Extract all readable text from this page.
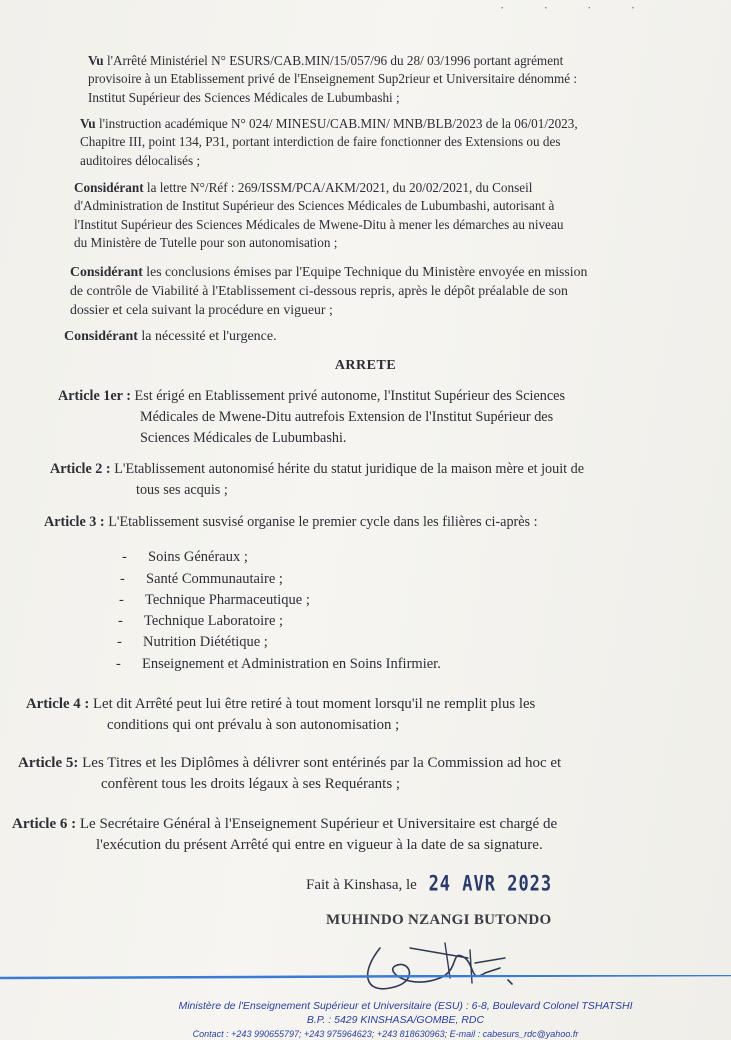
· · · ·
Vu l'Arrêté Ministériel N° ESURS/CAB.MIN/15/057/96 du 28/ 03/1996 portant agrément
provisoire à un Etablissement privé de l'Enseignement Sup2rieur et Universitaire dénommé :
Institut Supérieur des Sciences Médicales de Lubumbashi ;
Vu l'instruction académique N° 024/ MINESU/CAB.MIN/ MNB/BLB/2023 de la 06/01/2023,
Chapitre III, point 134, P31, portant interdiction de faire fonctionner des Extensions ou des
auditoires délocalisés ;
Considérant la lettre N°/Réf : 269/ISSM/PCA/AKM/2021, du 20/02/2021, du Conseil
d'Administration de Institut Supérieur des Sciences Médicales de Lubumbashi, autorisant à
l'Institut Supérieur des Sciences Médicales de Mwene-Ditu à mener les démarches au niveau
du Ministère de Tutelle pour son autonomisation ;
Considérant les conclusions émises par l'Equipe Technique du Ministère envoyée en mission
de contrôle de Viabilité à l'Etablissement ci-dessous repris, après le dépôt préalable de son
dossier et cela suivant la procédure en vigueur ;
Considérant la nécessité et l'urgence.
ARRETE
Article 1er : Est érigé en Etablissement privé autonome, l'Institut Supérieur des Sciences
Médicales de Mwene-Ditu autrefois Extension de l'Institut Supérieur des
Sciences Médicales de Lubumbashi.
Article 2 : L'Etablissement autonomisé hérite du statut juridique de la maison mère et jouit de
tous ses acquis ;
Article 3 : L'Etablissement susvisé organise le premier cycle dans les filières ci-après :
- Soins Généraux ;
- Santé Communautaire ;
- Technique Pharmaceutique ;
- Technique Laboratoire ;
- Nutrition Diététique ;
- Enseignement et Administration en Soins Infirmier.
Article 4 : Let dit Arrêté peut lui être retiré à tout moment lorsqu'il ne remplit plus les
conditions qui ont prévalu à son autonomisation ;
Article 5: Les Titres et les Diplômes à délivrer sont entérinés par la Commission ad hoc et
confèrent tous les droits légaux à ses Requérants ;
Article 6 : Le Secrétaire Général à l'Enseignement Supérieur et Universitaire est chargé de
l'exécution du présent Arrêté qui entre en vigueur à la date de sa signature.
Fait à Kinshasa, le 24 AVR 2023
MUHINDO NZANGI BUTONDO
Ministère de l'Enseignement Supérieur et Universitaire (ESU) : 6-8, Boulevard Colonel TSHATSHI
B.P. : 5429 KINSHASA/GOMBE, RDC
Contact : +243 990655797; +243 975964623; +243 818630963; E-mail : cabesurs_rdc@yahoo.fr
